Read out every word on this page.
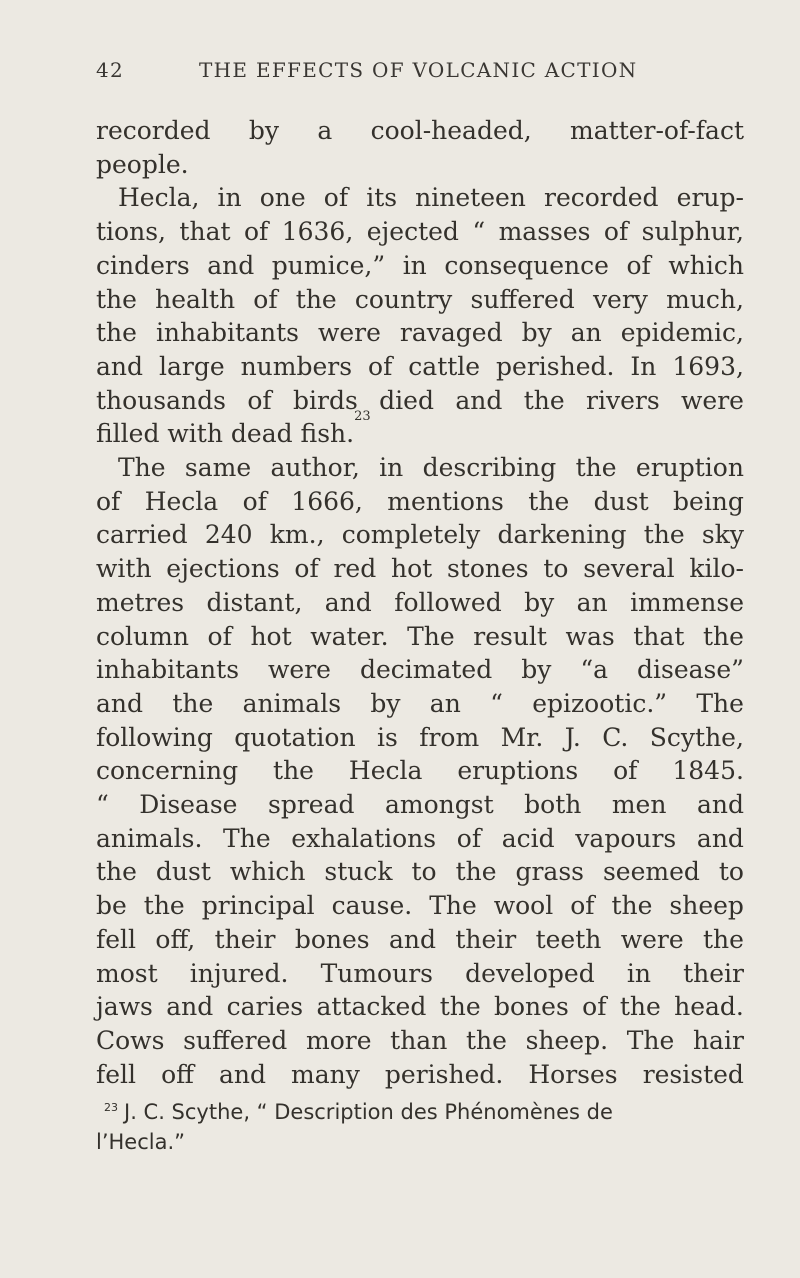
42	THE EFFECTS OF VOLCANIC ACTION
recorded by a cool-headed, matter-of-fact
people.
Hecla, in one of its nineteen recorded erup-
tions, that of 1636, ejected “ masses of sulphur,
cinders and pumice,” in consequence of which
the health of the country suffered very much,
the inhabitants were ravaged by an epidemic,
and large numbers of cattle perished. In 1693,
thousands of birds died and the rivers were
filled with dead fish.
23
The same author, in describing the eruption
of Hecla of 1666, mentions the dust being
carried 240 km., completely darkening the sky
with ejections of red hot stones to several kilo-
metres distant, and followed by an immense
column of hot water. The result was that the
inhabitants were decimated by “a disease”
and the animals by an “ epizootic.” The
following quotation is from Mr. J. C. Scythe,
concerning the Hecla eruptions of 1845.
“ Disease spread amongst both men and
animals. The exhalations of acid vapours and
the dust which stuck to the grass seemed to
be the principal cause. The wool of the sheep
fell off, their bones and their teeth were the
most injured. Tumours developed in their
jaws and caries attacked the bones of the head.
Cows suffered more than the sheep. The hair
fell off and many perished. Horses resisted
$^{23}$ J. C. Scythe, “ Description des Phénomènes de
l’Hecla.”
